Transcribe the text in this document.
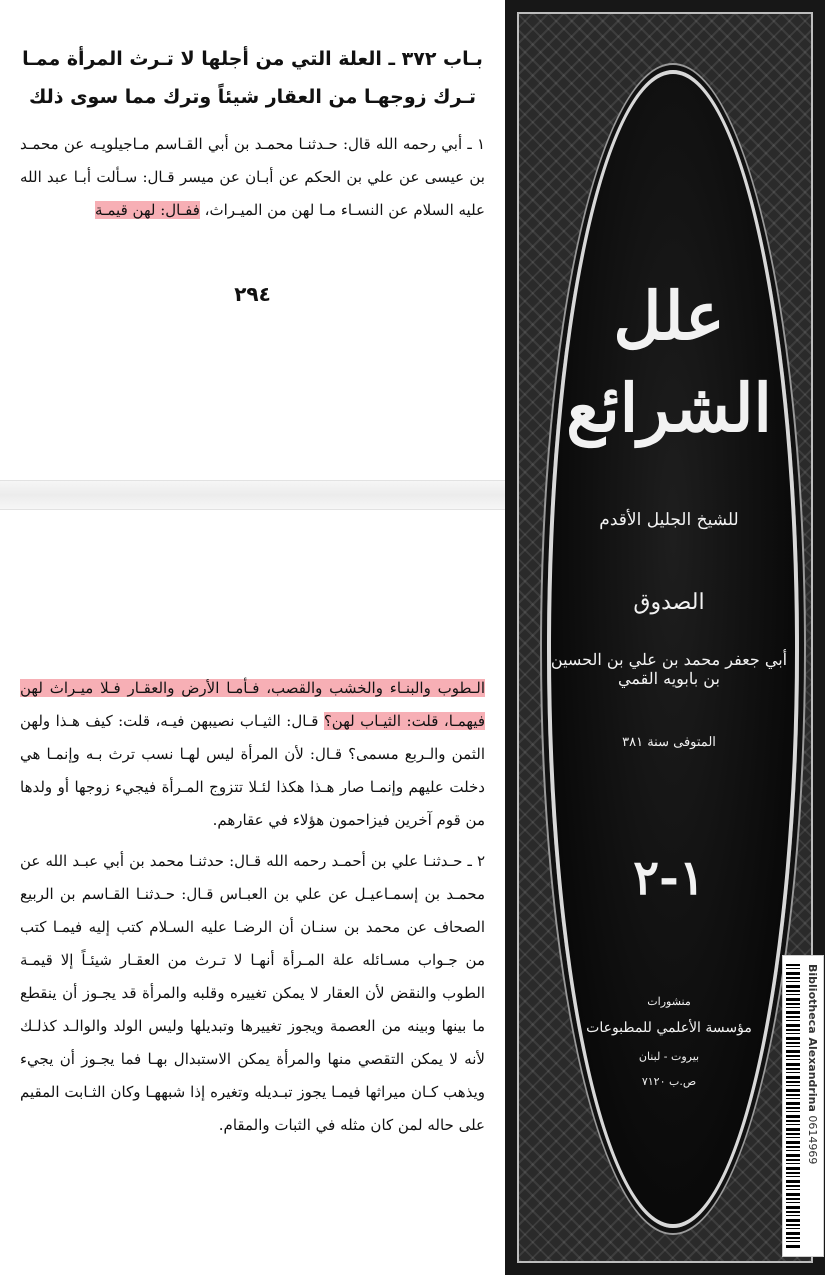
بـاب ٣٧٢ ـ العلة التي من أجلها لا تـرث المرأة ممـا تـرك زوجهـا من العقار شيئاً وترك مما سوى ذلك

١ ـ أبي رحمه الله قال: حـدثنـا محمـد بن أبي القـاسم مـاجيلويـه عن محمـد بن عيسى عن علي بن الحكم عن أبـان عن ميسر قـال: سـألت أبـا عبد الله عليه السلام عن النسـاء مـا لهن من الميـراث، ففـال: لهن قيمـة

٢٩٤

الـطوب والبنـاء والخشب والقصب، فـأمـا الأرض والعقـار فـلا ميـراث لهن فيهمـا، قلت: الثيـاب لهن؟ قـال: الثيـاب نصيبهن فيـه، قلت: كيف هـذا ولهن الثمن والـربع مسمى؟ قـال: لأن المرأة ليس لهـا نسب ترث بـه وإنمـا هي دخلت عليهم وإنمـا صار هـذا هكذا لئـلا تتزوج المـرأة فيجيء زوجها أو ولدها من قوم آخرين فيزاحمون هؤلاء في عقارهم.

٢ ـ حـدثنـا علي بن أحمـد رحمه الله قـال: حدثنـا محمد بن أبي عبـد الله عن محمـد بن إسمـاعيـل عن علي بن العبـاس قـال: حـدثنـا القـاسم بن الربيع الصحاف عن محمد بن سنـان أن الرضـا عليه السـلام كتب إليه فيمـا كتب من جـواب مسـائله علة المـرأة أنهـا لا تـرث من العقـار شيئـاً إلا قيمـة الطوب والنقض لأن العقار لا يمكن تغييره وقلبه والمرأة قد يجـوز أن ينقطع ما بينها وبينه من العصمة ويجوز تغييرها وتبديلها وليس الولد والوالـد كذلـك لأنه لا يمكن التقصي منها والمرأة يمكن الاستبدال بهـا فما يجـوز أن يجيء ويذهب كـان ميراثها فيمـا يجوز تبـديله وتغيره إذا شبههـا وكان الثـابت المقيم على حاله لمن كان مثله في الثبات والمقام.

علل الشرائع
للشيخ الجليل الأقدم
الصدوق
أبي جعفر محمد بن علي بن الحسين بن بابويه القمي
المتوفى سنة ٣٨١
١-٢
منشورات
مؤسسة الأعلمي للمطبوعات
بيروت - لبنان
ص.ب ٧١٢٠	Bibliotheca Alexandrina 0614969
